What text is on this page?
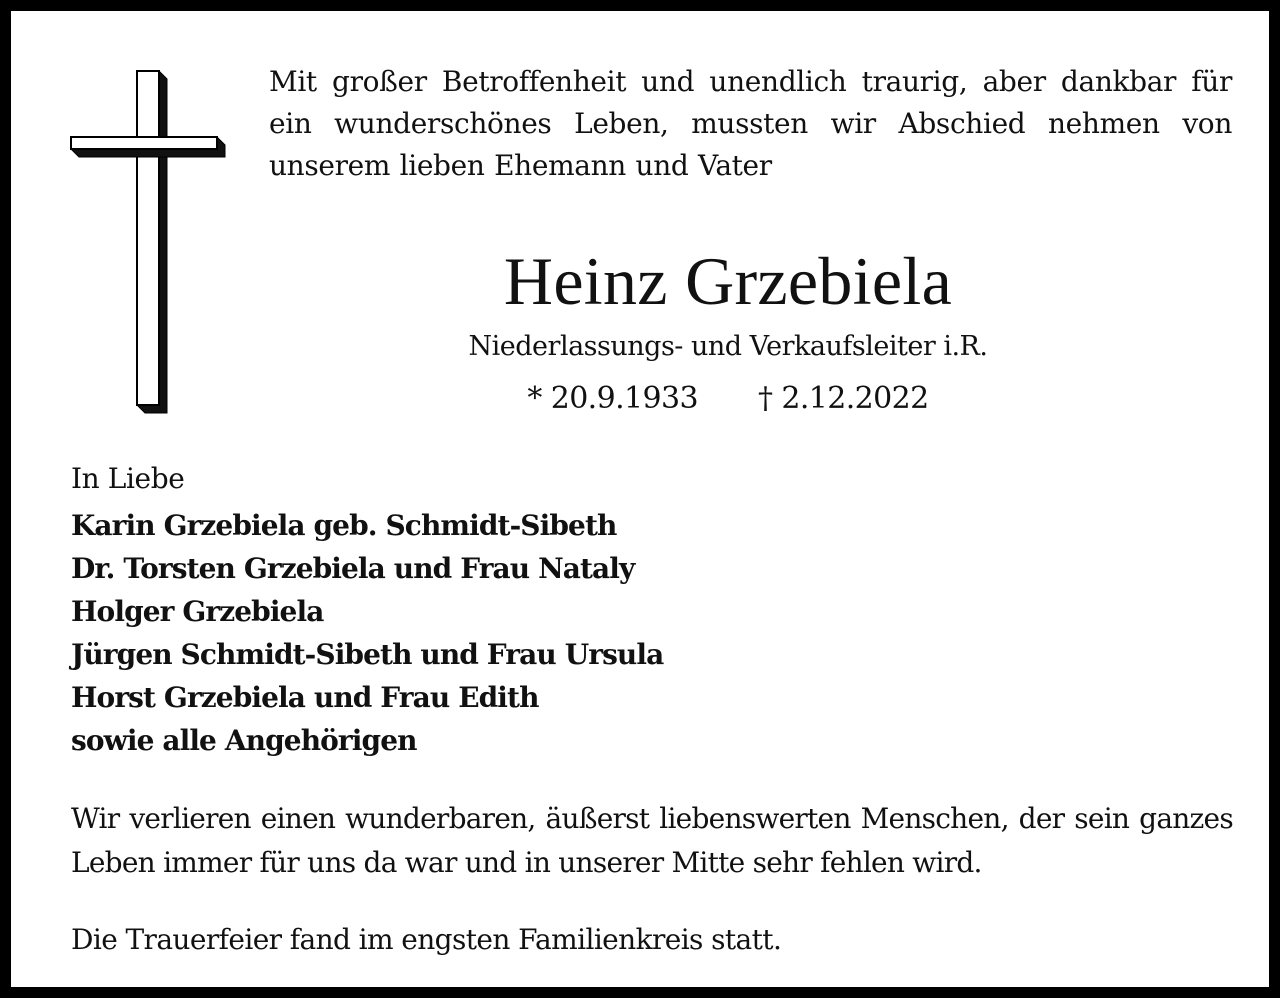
Mit großer Betroffenheit und unendlich traurig, aber dankbar für ein wunderschönes Leben, mussten wir Abschied nehmen von unserem lieben Ehemann und Vater
Heinz Grzebiela
Niederlassungs- und Verkaufsleiter i.R.
* 20.9.1933 † 2.12.2022
In Liebe
Karin Grzebiela geb. Schmidt-Sibeth
Dr. Torsten Grzebiela und Frau Nataly
Holger Grzebiela
Jürgen Schmidt-Sibeth und Frau Ursula
Horst Grzebiela und Frau Edith
sowie alle Angehörigen
Wir verlieren einen wunderbaren, äußerst liebenswerten Menschen, der sein ganzes Leben immer für uns da war und in unserer Mitte sehr fehlen wird.
Die Trauerfeier fand im engsten Familienkreis statt.
